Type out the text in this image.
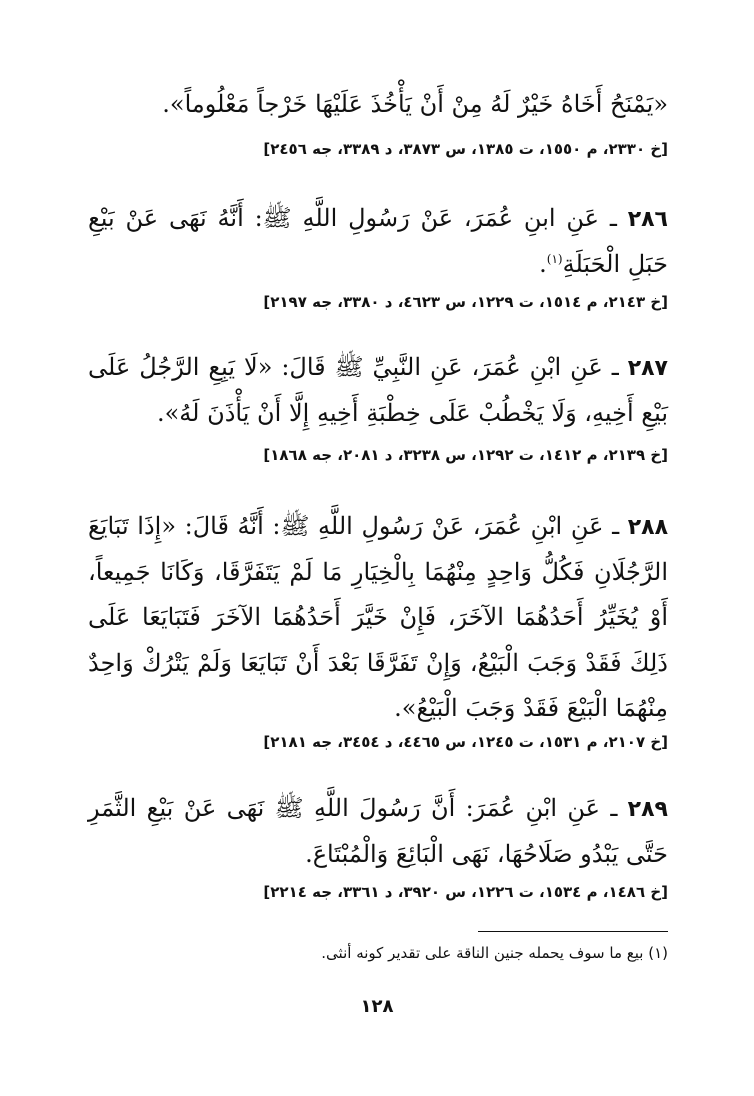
«يَمْنَحُ أَخَاهُ خَيْرٌ لَهُ مِنْ أَنْ يَأْخُذَ عَلَيْهَا خَرْجاً مَعْلُوماً».
[خ ٢٣٣٠، م ١٥٥٠، ت ١٣٨٥، س ٣٨٧٣، د ٣٣٨٩، جه ٢٤٥٦]
٢٨٦ ـ عَنِ ابنِ عُمَرَ، عَنْ رَسُولِ اللَّهِ ﷺ: أَنَّهُ نَهَى عَنْ بَيْعِ حَبَلِ الْحَبَلَةِ$^{(١)}$.
[خ ٢١٤٣، م ١٥١٤، ت ١٢٢٩، س ٤٦٢٣، د ٣٣٨٠، جه ٢١٩٧]
٢٨٧ ـ عَنِ ابْنِ عُمَرَ، عَنِ النَّبِيِّ ﷺ قَالَ: «لَا يَبِعِ الرَّجُلُ عَلَى بَيْعِ أَخِيهِ، وَلَا يَخْطُبْ عَلَى خِطْبَةِ أَخِيهِ إِلَّا أَنْ يَأْذَنَ لَهُ».
[خ ٢١٣٩، م ١٤١٢، ت ١٢٩٢، س ٣٢٣٨، د ٢٠٨١، جه ١٨٦٨]
٢٨٨ ـ عَنِ ابْنِ عُمَرَ، عَنْ رَسُولِ اللَّهِ ﷺ: أَنَّهُ قَالَ: «إِذَا تَبَايَعَ الرَّجُلَانِ فَكُلُّ وَاحِدٍ مِنْهُمَا بِالْخِيَارِ مَا لَمْ يَتَفَرَّقَا، وَكَانَا جَمِيعاً، أَوْ يُخَيِّرُ أَحَدُهُمَا الآخَرَ، فَإِنْ خَيَّرَ أَحَدُهُمَا الآخَرَ فَتَبَايَعَا عَلَى ذَلِكَ فَقَدْ وَجَبَ الْبَيْعُ، وَإِنْ تَفَرَّقَا بَعْدَ أَنْ تَبَايَعَا وَلَمْ يَتْرُكْ وَاحِدٌ مِنْهُمَا الْبَيْعَ فَقَدْ وَجَبَ الْبَيْعُ».
[خ ٢١٠٧، م ١٥٣١، ت ١٢٤٥، س ٤٤٦٥، د ٣٤٥٤، جه ٢١٨١]
٢٨٩ ـ عَنِ ابْنِ عُمَرَ: أَنَّ رَسُولَ اللَّهِ ﷺ نَهَى عَنْ بَيْعِ الثَّمَرِ حَتَّى يَبْدُو صَلَاحُهَا، نَهَى الْبَائِعَ وَالْمُبْتَاعَ.
[خ ١٤٨٦، م ١٥٣٤، ت ١٢٢٦، س ٣٩٢٠، د ٣٣٦١، جه ٢٢١٤]
(١) بيع ما سوف يحمله جنين الناقة على تقدير كونه أنثى.
١٢٨
